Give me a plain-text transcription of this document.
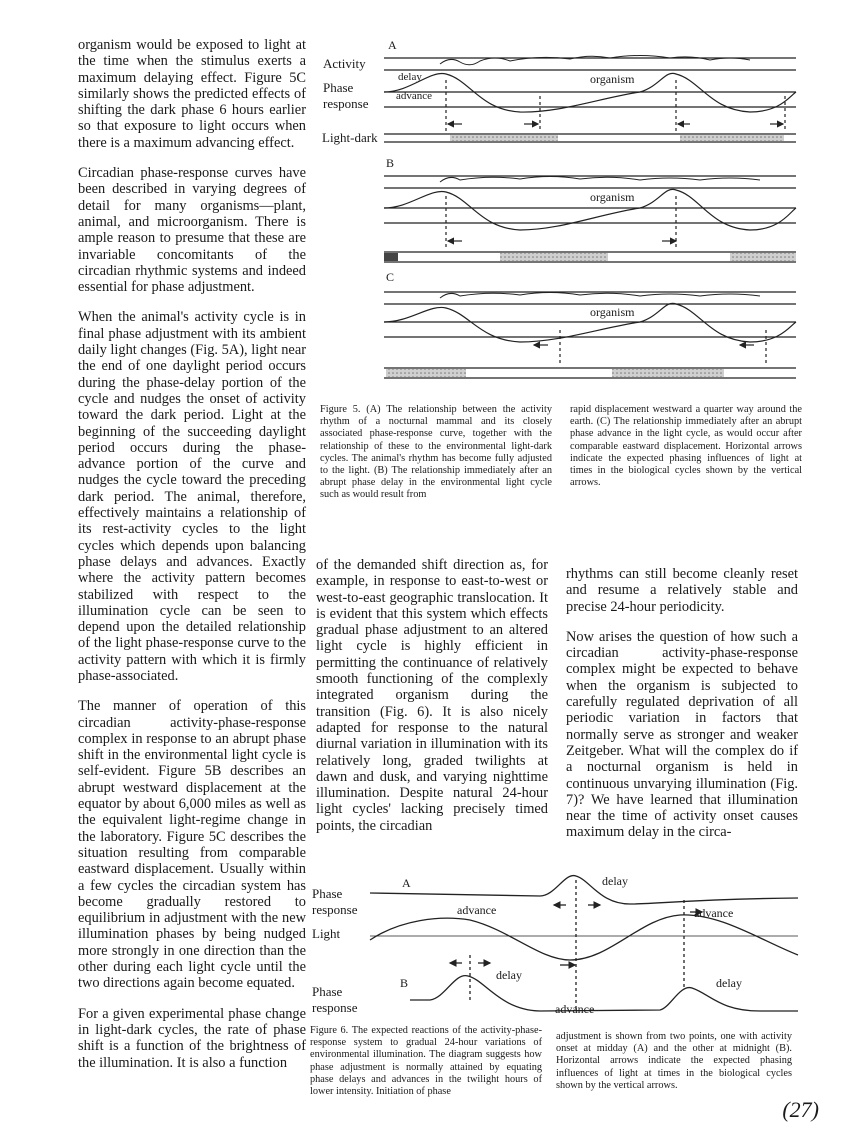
organism would be exposed to light at the time when the stimulus exerts a maximum delaying effect. Figure 5C similarly shows the predicted effects of shifting the dark phase 6 hours earlier so that exposure to light occurs when there is a maximum advancing effect.

Circadian phase-response curves have been described in varying degrees of detail for many organisms—plant, animal, and microorganism. There is ample reason to presume that these are invariable concomitants of the circadian rhythmic systems and indeed essential for phase adjustment.

When the animal's activity cycle is in final phase adjustment with its ambient daily light changes (Fig. 5A), light near the end of one daylight period occurs during the phase-delay portion of the cycle and nudges the onset of activity toward the dark period. Light at the beginning of the succeeding daylight period occurs during the phase-advance portion of the curve and nudges the cycle toward the preceding dark period. The animal, therefore, effectively maintains a relationship of its rest-activity cycles to the light cycles which depends upon balancing phase delays and advances. Exactly where the activity pattern becomes stabilized with respect to the illumination cycle can be seen to depend upon the detailed relationship of the light phase-response curve to the activity pattern with which it is firmly phase-associated.

The manner of operation of this circadian activity-phase-response complex in response to an abrupt phase shift in the environmental light cycle is self-evident. Figure 5B describes an abrupt westward displacement at the equator by about 6,000 miles as well as the equivalent light-regime change in the laboratory. Figure 5C describes the situation resulting from comparable eastward displacement. Usually within a few cycles the circadian system has become gradually restored to equilibrium in adjustment with the new illumination phases by being nudged more strongly in one direction than the other during each light cycle until the two directions again become equated.

For a given experimental phase change in light-dark cycles, the rate of phase shift is a function of the brightness of the illumination. It is also a function

of the demanded shift direction as, for example, in response to east-to-west or west-to-east geographic translocation. It is evident that this system which effects gradual phase adjustment to an altered light cycle is highly efficient in permitting the continuance of relatively smooth functioning of the complexly integrated organism during the transition (Fig. 6). It is also nicely adapted for response to the natural diurnal variation in illumination with its relatively long, graded twilights at dawn and dusk, and varying nighttime illumination. Despite natural 24-hour light cycles' lacking precisely timed points, the circadian

rhythms can still become cleanly reset and resume a relatively stable and precise 24-hour periodicity.

Now arises the question of how such a circadian activity-phase-response complex might be expected to behave when the organism is subjected to carefully regulated deprivation of all periodic variation in factors that normally serve as stronger and weaker Zeitgeber. What will the complex do if a nocturnal organism is held in continuous unvarying illumination (Fig. 7)? We have learned that illumination near the time of activity onset causes maximum delay in the circa-

A
Activity
Phase
response
Light-dark
delay
advance
organism
B
organism
C
organism
Figure 5. (A) The relationship between the activity rhythm of a nocturnal mammal and its closely associated phase-response curve, together with the relationship of these to the environmental light-dark cycles. The animal's rhythm has become fully adjusted to the light. (B) The relationship immediately after an abrupt phase delay in the environmental light cycle such as would result from
rapid displacement westward a quarter way around the earth. (C) The relationship immediately after an abrupt phase advance in the light cycle, as would occur after comparable eastward displacement. Horizontal arrows indicate the expected phasing influences of light at times in the biological cycles shown by the vertical arrows.
A
Phase
response
Light
B
Phase
response
delay
advance	advance
delay
delay
advance
Figure 6. The expected reactions of the activity-phase-response system to gradual 24-hour variations of environmental illumination. The diagram suggests how phase adjustment is normally attained by equating phase delays and advances in the twilight hours of lower intensity. Initiation of phase
adjustment is shown from two points, one with activity onset at midday (A) and the other at midnight (B). Horizontal arrows indicate the expected phasing influences of light at times in the biological cycles shown by the vertical arrows.
(27)
